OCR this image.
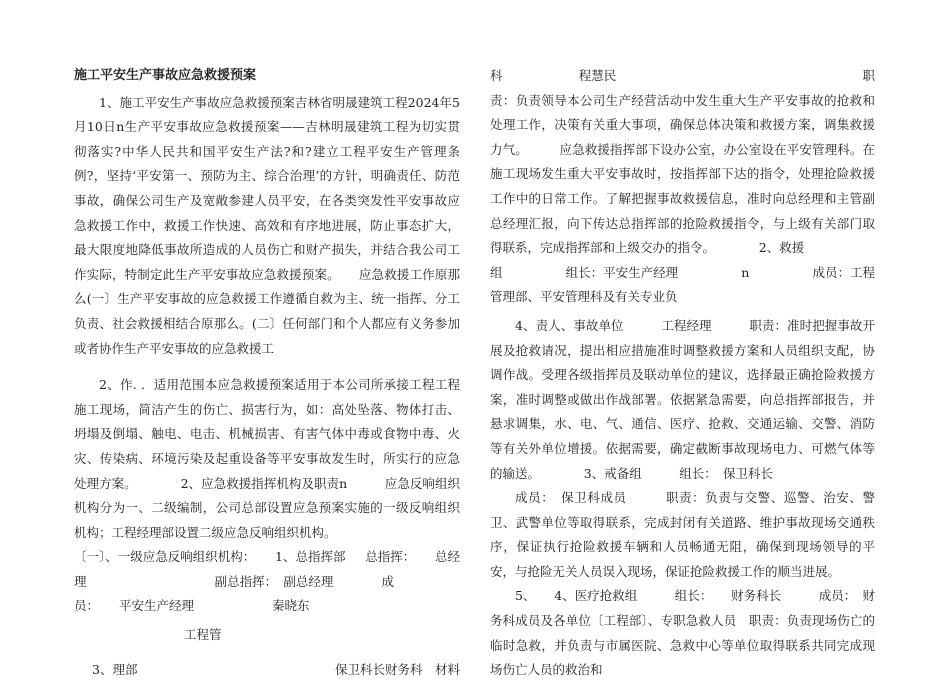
施工平安生产事故应急救援预案

1、施工平安生产事故应急救援预案吉林省明晟建筑工程2024年5月10日n生产平安事故应急救援预案——吉林明晟建筑工程为切实贯彻落实?中华人民共和国平安生产法?和?建立工程平安生产管理条例?，坚持‘平安第一、预防为主、综合治理’的方针，明确责任、防范事故，确保公司生产及宽敞参建人员平安，在各类突发性平安事故应急救援工作中，救援工作快速、高效和有序地进展，防止事态扩大，最大限度地降低事故所造成的人员伤亡和财产损失，并结合我公司工作实际，特制定此生产平安事故应急救援预案。　　应急救援工作原那么(一〕生产平安事故的应急救援工作遵循自救为主、统一指挥、分工负责、社会救援相结合原那么。(二〕任何部门和个人都应有义务参加或者协作生产平安事故的应急救援工

2、作. ．适用范围本应急救援预案适用于本公司所承接工程工程施工现场，简洁产生的伤亡、损害行为，如：高处坠落、物体打击、坍塌及倒塌、触电、电击、机械损害、有害气体中毒或食物中毒、火灾、传染病、环境污染及起重设备等平安事故发生时，所实行的应急处理方案。　　　　2、应急救援指挥机构及职责n　　　应急反响组织机构分为一、二级编制，公司总部设置应急预案实施的一级反响组织机构；工程经理部设置二级应急反响组织机构。

〔一〕、一级应急反响组织机构： 1、总指挥部 总指挥： 总经
理	副总指挥：　副总经理	成
员： 平安生产经理	秦晓东
工程管
3、理部	保卫科长财务科　材料
科	程慧民	职

责：负责领导本公司生产经营活动中发生重大生产平安事故的抢救和处理工作，决策有关重大事项，确保总体决策和救援方案，调集救援力气。　　　应急救援指挥部下设办公室，办公室设在平安管理科。在施工现场发生重大平安事故时，按指挥部下达的指令，处理抢险救援工作中的日常工作。了解把握事故救援信息，准时向总经理和主管副总经理汇报，向下传达总指挥部的抢险救援指令，与上级有关部门取得联系，完成指挥部和上级交办的指令。　　　　2、救援

组	组长：平安生产经理	n	成员：工程

管理部、平安管理科及有关专业负

4、责人、事故单位　　　工程经理　　　职责：准时把握事故开展及抢救请况，提出相应措施准时调整救援方案和人员组织支配，协调作战。受理各级指挥员及联动单位的建议，选择最正确抢险救援方案，准时调整或做出作战部署。依据紧急需要，向总指挥部报告，并悬求调集，水、电、气、通信、医疗、抢救、交通运输、交警、消防等有关外单位增援。依据需要，确定截断事故现场电力、可燃气体等的输送。　　　　3、戒备组　　　组长：　保卫科长

成员：　保卫科成员　　　职责：负责与交警、巡警、治安、警卫、武警单位等取得联系，完成封闭有关道路、维护事故现场交通秩序，保证执行抢险救援车辆和人员畅通无阻，确保到现场领导的平安，与抢险无关人员误入现场，保证抢险救援工作的顺当进展。

5、　　4、医疗抢救组　　　组长：　　财务科长　　　成员：　财务科成员及各单位〔工程部〕、专职急救人员　职责：负责现场伤亡的临时急救，并负责与市属医院、急救中心等单位取得联系共同完成现场伤亡人员的救治和
